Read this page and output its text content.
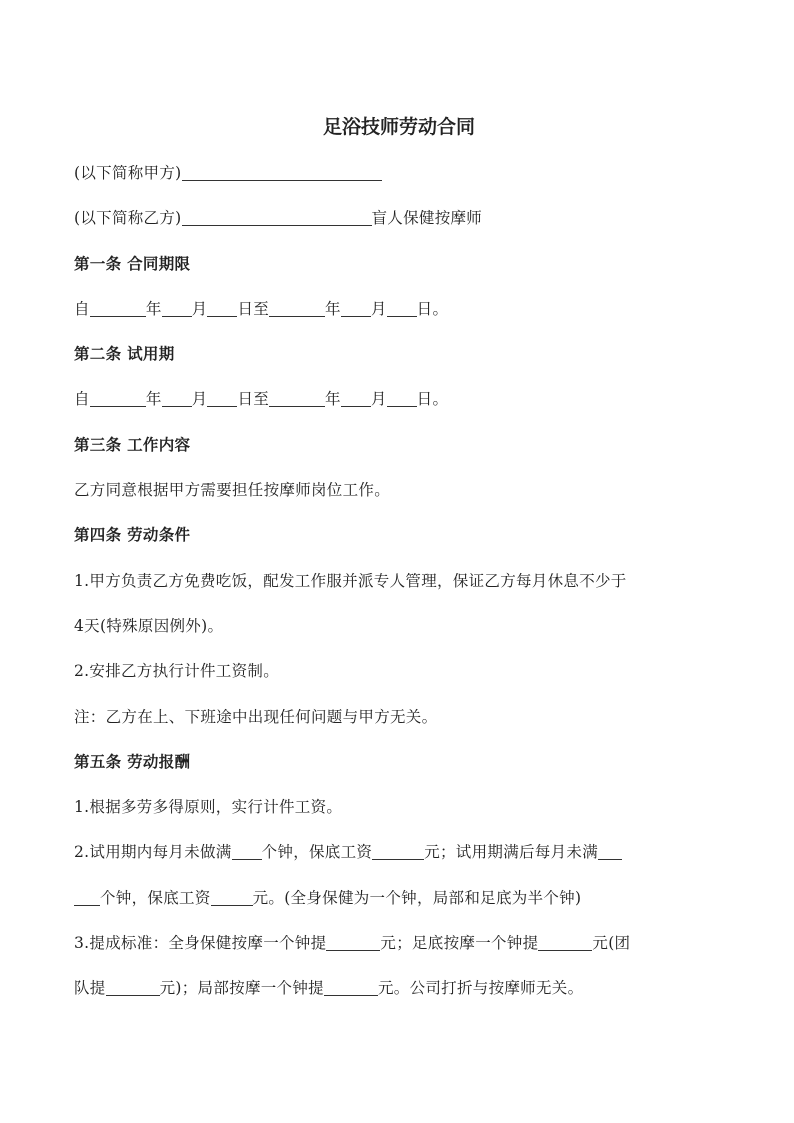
足浴技师劳动合同
(以下简称甲方)
(以下简称乙方)	盲人保健按摩师
第一条 合同期限
自	年 月 日至	年 月 日。
第二条 试用期
自	年 月 日至	年 月 日。
第三条 工作内容
乙方同意根据甲方需要担任按摩师岗位工作。
第四条 劳动条件
1.甲方负责乙方免费吃饭，配发工作服并派专人管理，保证乙方每月休息不少于
4天(特殊原因例外)。
2.安排乙方执行计件工资制。
注：乙方在上、下班途中出现任何问题与甲方无关。
第五条 劳动报酬
1.根据多劳多得原则，实行计件工资。
2.试用期内每月未做满 个钟，保底工资	元；试用期满后每月未满
个钟，保底工资	元。(全身保健为一个钟，局部和足底为半个钟)
3.提成标准：全身保健按摩一个钟提	元；足底按摩一个钟提	元(团
队提	元)；局部按摩一个钟提	元。公司打折与按摩师无关。
